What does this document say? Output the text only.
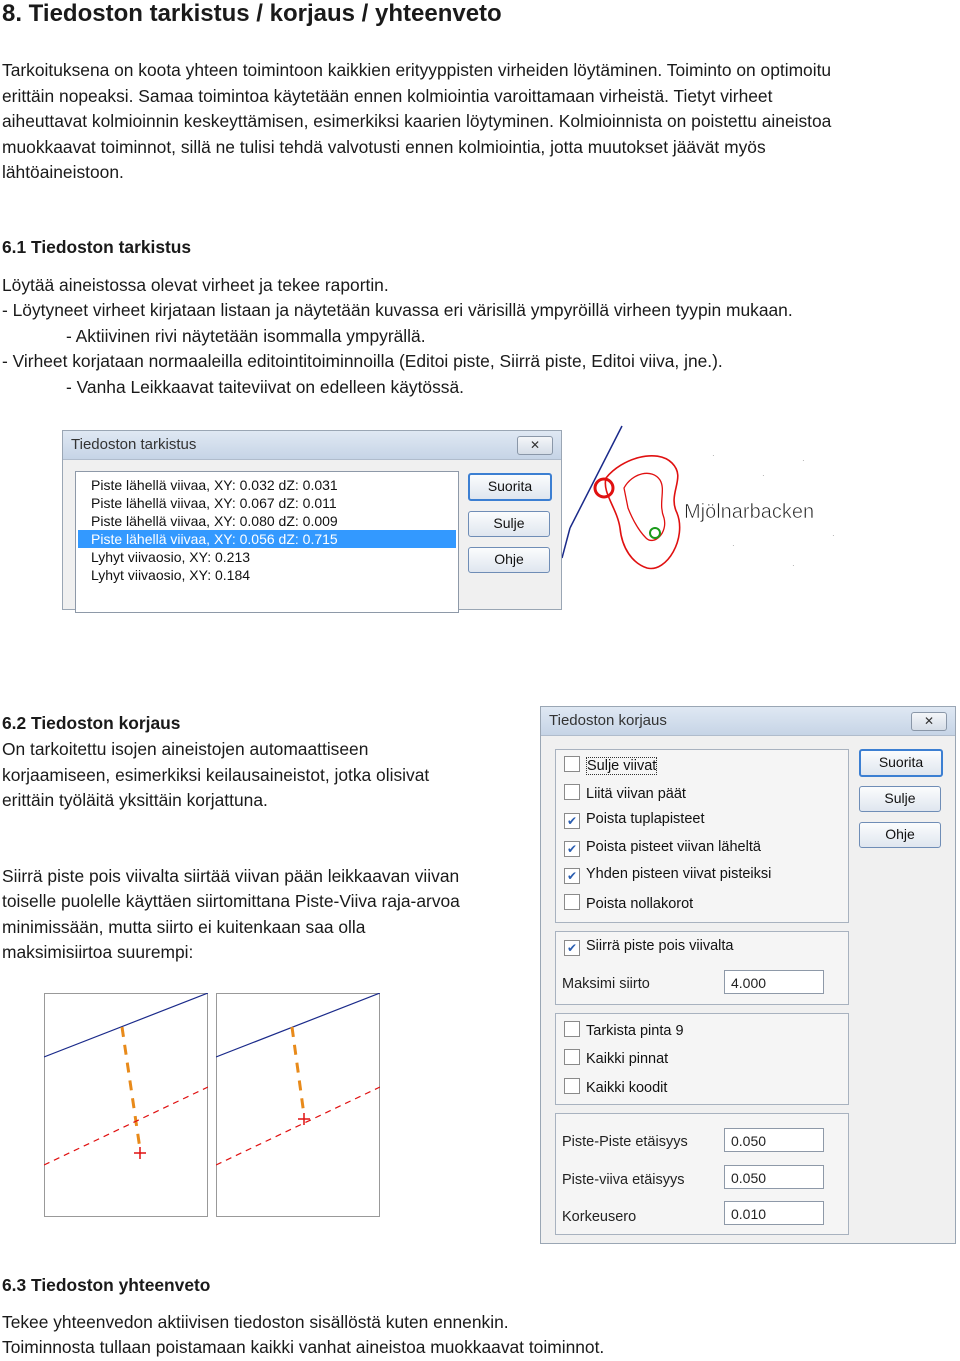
8. Tiedoston tarkistus / korjaus / yhteenveto
Tarkoituksena on koota yhteen toimintoon kaikkien erityyppisten virheiden löytäminen. Toiminto on optimoitu
erittäin nopeaksi. Samaa toimintoa käytetään ennen kolmiointia varoittamaan virheistä. Tietyt virheet
aiheuttavat kolmioinnin keskeyttämisen, esimerkiksi kaarien löytyminen. Kolmioinnista on poistettu aineistoa
muokkaavat toiminnot, sillä ne tulisi tehdä valvotusti ennen kolmiointia, jotta muutokset jäävät myös
lähtöaineistoon.
6.1 Tiedoston tarkistus
Löytää aineistossa olevat virheet ja tekee raportin.
- Löytyneet virheet kirjataan listaan ja näytetään kuvassa eri värisillä ympyröillä virheen tyypin mukaan.
- Aktiivinen rivi näytetään isommalla ympyrällä.
- Virheet korjataan normaaleilla editointitoiminnoilla (Editoi piste, Siirrä piste, Editoi viiva, jne.).
- Vanha Leikkaavat taiteviivat on edelleen käytössä.
Tiedoston tarkistus	✕
Piste lähellä viivaa, XY: 0.032 dZ: 0.031
Piste lähellä viivaa, XY: 0.067 dZ: 0.011
Piste lähellä viivaa, XY: 0.080 dZ: 0.009
Piste lähellä viivaa, XY: 0.056 dZ: 0.715
Lyhyt viivaosio, XY: 0.213
Lyhyt viivaosio, XY: 0.184
Suorita
Sulje
Ohje
Mjölnarbacken
·
·
·
·
·
·
6.2 Tiedoston korjaus
On tarkoitettu isojen aineistojen automaattiseen
korjaamiseen, esimerkiksi keilausaineistot, jotka olisivat
erittäin työläitä yksittäin korjattuna.
Siirrä piste pois viivalta siirtää viivan pään leikkaavan viivan
toiselle puolelle käyttäen siirtomittana Piste-Viiva raja-arvoa
minimissään, mutta siirto ei kuitenkaan saa olla
maksimisiirtoa suurempi:
Tiedoston korjaus	✕
Sulje viivat
Liitä viivan päät
✔ Poista tuplapisteet
✔ Poista pisteet viivan läheltä
✔ Yhden pisteen viivat pisteiksi
Poista nollakorot
✔ Siirrä piste pois viivalta
Maksimi siirto	4.000
Tarkista pinta 9
Kaikki pinnat
Kaikki koodit
Piste-Piste etäisyys	0.050
Piste-viiva etäisyys	0.050
Korkeusero	0.010
Suorita
Sulje
Ohje
6.3 Tiedoston yhteenveto
Tekee yhteenvedon aktiivisen tiedoston sisällöstä kuten ennenkin.
Toiminnosta tullaan poistamaan kaikki vanhat aineistoa muokkaavat toiminnot.
